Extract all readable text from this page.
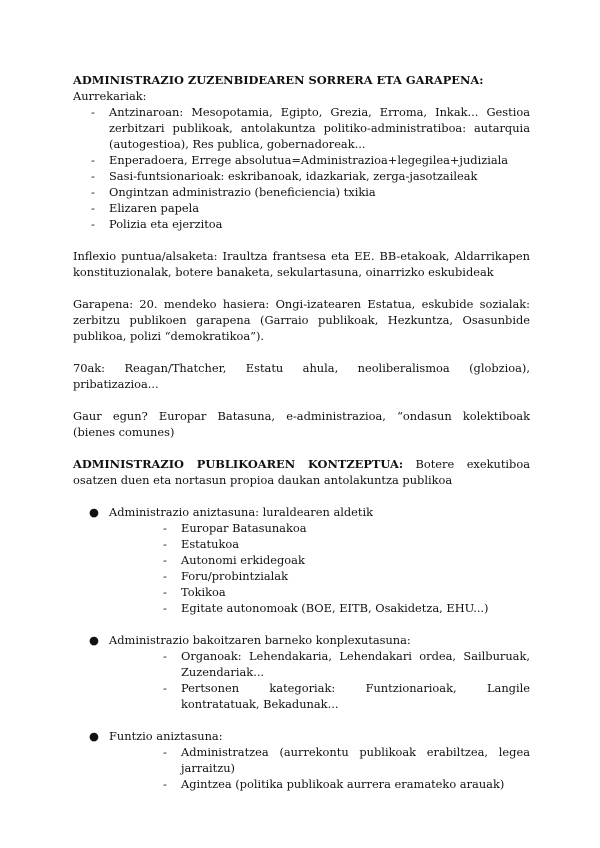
ADMINISTRAZIO ZUZENBIDEAREN SORRERA ETA GARAPENA:
Aurrekariak:
- Antzinaroan: Mesopotamia, Egipto, Grezia, Erroma, Inkak... Gestioa zerbitzari publikoak, antolakuntza politiko-administratiboa: autarquia (autogestioa), Res publica, gobernadoreak...
- Enperadoera, Errege absolutua=Administrazioa+legegilea+judiziala
- Sasi-funtsionarioak: eskribanoak, idazkariak, zerga-jasotzaileak
- Ongintzan administrazio (beneficiencia) txikia
- Elizaren papela
- Polizia eta ejerzitoa

Inflexio puntua/alsaketa: Iraultza frantsesa eta EE. BB-etakoak, Aldarrikapen konstituzionalak, botere banaketa, sekulartasuna, oinarrizko eskubideak

Garapena: 20. mendeko hasiera: Ongi-izatearen Estatua, eskubide sozialak: zerbitzu publikoen garapena (Garraio publikoak, Hezkuntza, Osasunbide publikoa, polizi “demokratikoa”).

70ak: Reagan/Thatcher, Estatu ahula, neoliberalismoa (globzioa), pribatizazioa...

Gaur egun? Europar Batasuna, e-administrazioa, “ondasun kolektiboak (bienes comunes)

ADMINISTRAZIO PUBLIKOAREN KONTZEPTUA: Botere exekutiboa osatzen duen eta nortasun propioa daukan antolakuntza publikoa

● Administrazio aniztasuna: luraldearen aldetik
- Europar Batasunakoa
- Estatukoa
- Autonomi erkidegoak
- Foru/probintzialak
- Tokikoa
- Egitate autonomoak (BOE, EITB, Osakidetza, EHU...)
● Administrazio bakoitzaren barneko konplexutasuna:
- Organoak: Lehendakaria, Lehendakari ordea, Sailburuak, Zuzendariak...
- Pertsonen kategoriak: Funtzionarioak, Langile kontratatuak, Bekadunak...
● Funtzio aniztasuna:
- Administratzea (aurrekontu publikoak erabiltzea, legea jarraitzu)
- Agintzea (politika publikoak aurrera eramateko arauak)
